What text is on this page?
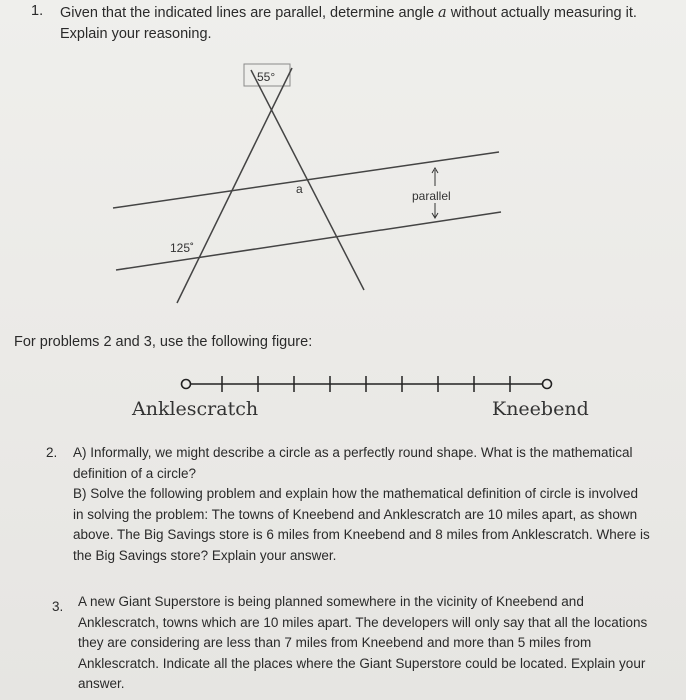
1. Given that the indicated lines are parallel, determine angle a without actually measuring it.
Explain your reasoning.
55°
a	parallel
125˚
For problems 2 and 3, use the following figure:
Anklescratch	Kneebend
2. A) Informally, we might describe a circle as a perfectly round shape. What is the mathematical
definition of a circle?
B) Solve the following problem and explain how the mathematical definition of circle is involved
in solving the problem: The towns of Kneebend and Anklescratch are 10 miles apart, as shown
above. The Big Savings store is 6 miles from Kneebend and 8 miles from Anklescratch. Where is
the Big Savings store? Explain your answer.
3. A new Giant Superstore is being planned somewhere in the vicinity of Kneebend and
Anklescratch, towns which are 10 miles apart. The developers will only say that all the locations
they are considering are less than 7 miles from Kneebend and more than 5 miles from
Anklescratch. Indicate all the places where the Giant Superstore could be located. Explain your
answer.
